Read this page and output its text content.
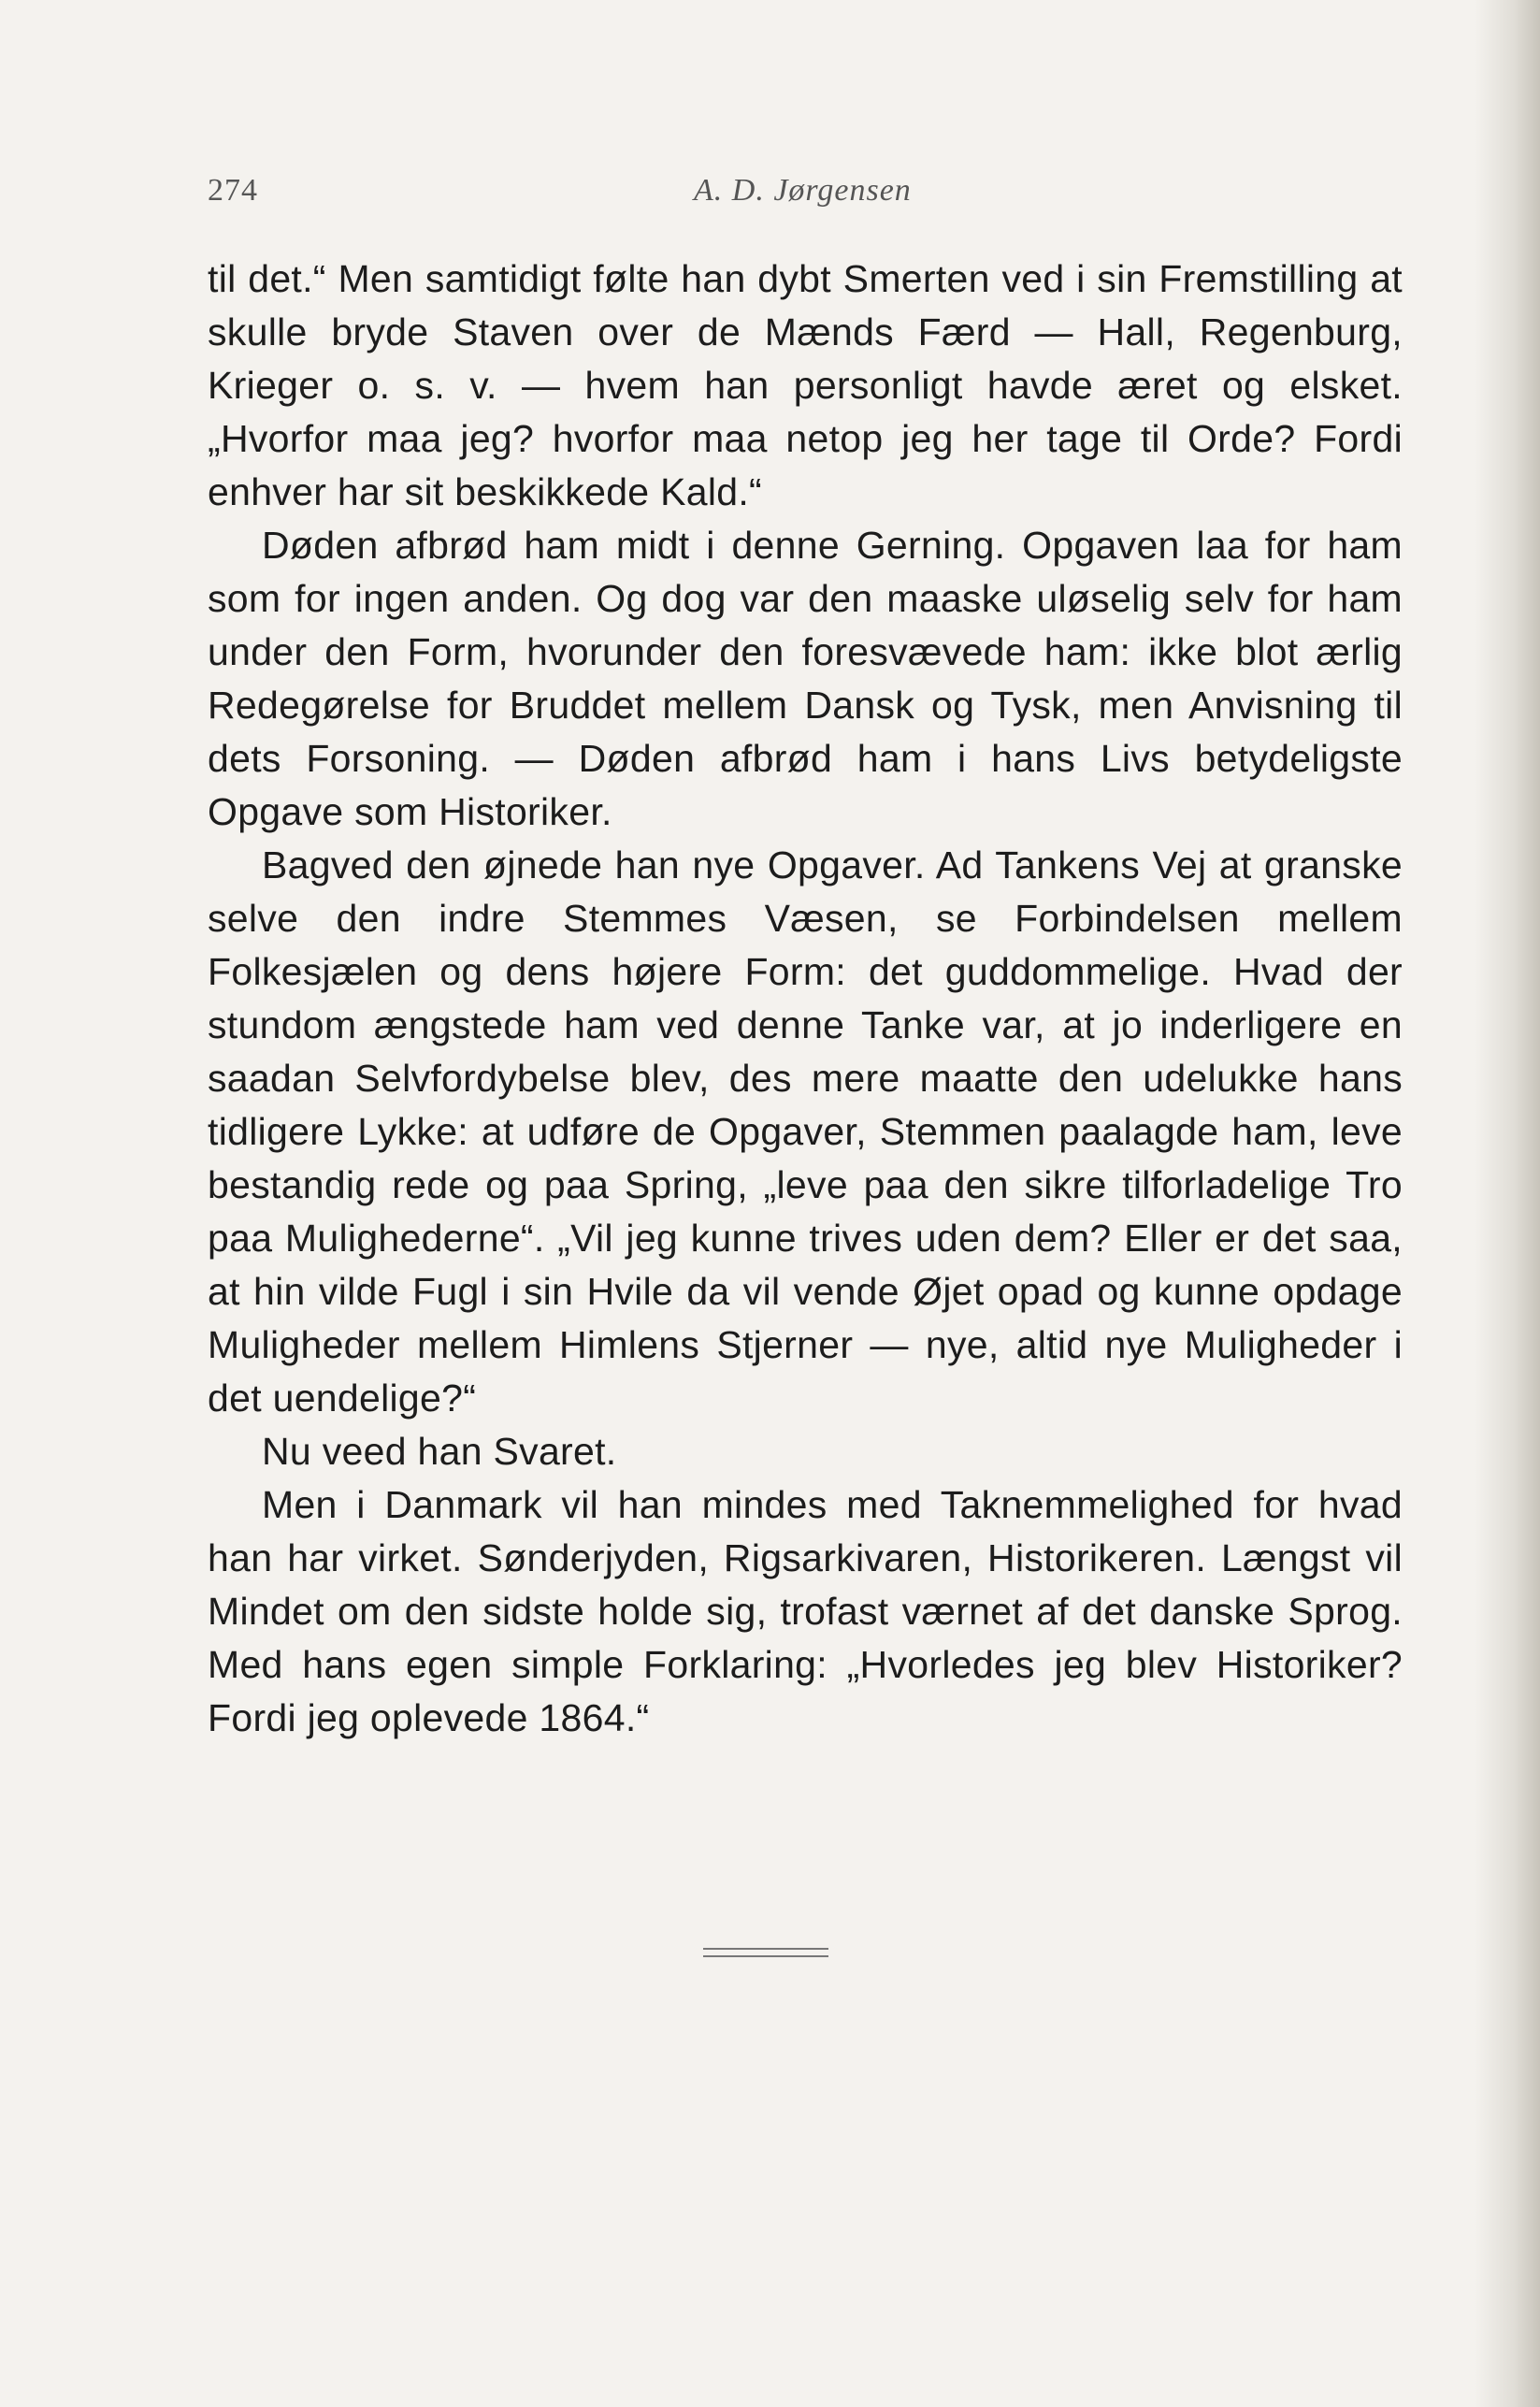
274	A. D. Jørgensen

til det.“ Men samtidigt følte han dybt Smerten ved i sin Fremstilling at skulle bryde Staven over de Mænds Færd — Hall, Regenburg, Krieger o. s. v. — hvem han personligt havde æret og elsket. „Hvorfor maa jeg? hvorfor maa netop jeg her tage til Orde? Fordi enhver har sit beskikkede Kald.“

Døden afbrød ham midt i denne Gerning. Opgaven laa for ham som for ingen anden. Og dog var den maaske uløselig selv for ham under den Form, hvorunder den foresvævede ham: ikke blot ærlig Redegørelse for Bruddet mellem Dansk og Tysk, men Anvisning til dets Forsoning. — Døden afbrød ham i hans Livs betydeligste Opgave som Historiker.

Bagved den øjnede han nye Opgaver. Ad Tankens Vej at granske selve den indre Stemmes Væsen, se Forbindelsen mellem Folkesjælen og dens højere Form: det guddommelige. Hvad der stundom ængstede ham ved denne Tanke var, at jo inderligere en saadan Selvfordybelse blev, des mere maatte den udelukke hans tidligere Lykke: at udføre de Opgaver, Stemmen paalagde ham, leve bestandig rede og paa Spring, „leve paa den sikre tilforladelige Tro paa Mulighederne“. „Vil jeg kunne trives uden dem? Eller er det saa, at hin vilde Fugl i sin Hvile da vil vende Øjet opad og kunne opdage Muligheder mellem Himlens Stjerner — nye, altid nye Muligheder i det uendelige?“

Nu veed han Svaret.

Men i Danmark vil han mindes med Taknemmelighed for hvad han har virket. Sønderjyden, Rigsarkivaren, Historikeren. Længst vil Mindet om den sidste holde sig, trofast værnet af det danske Sprog. Med hans egen simple Forklaring: „Hvorledes jeg blev Historiker? Fordi jeg oplevede 1864.“
